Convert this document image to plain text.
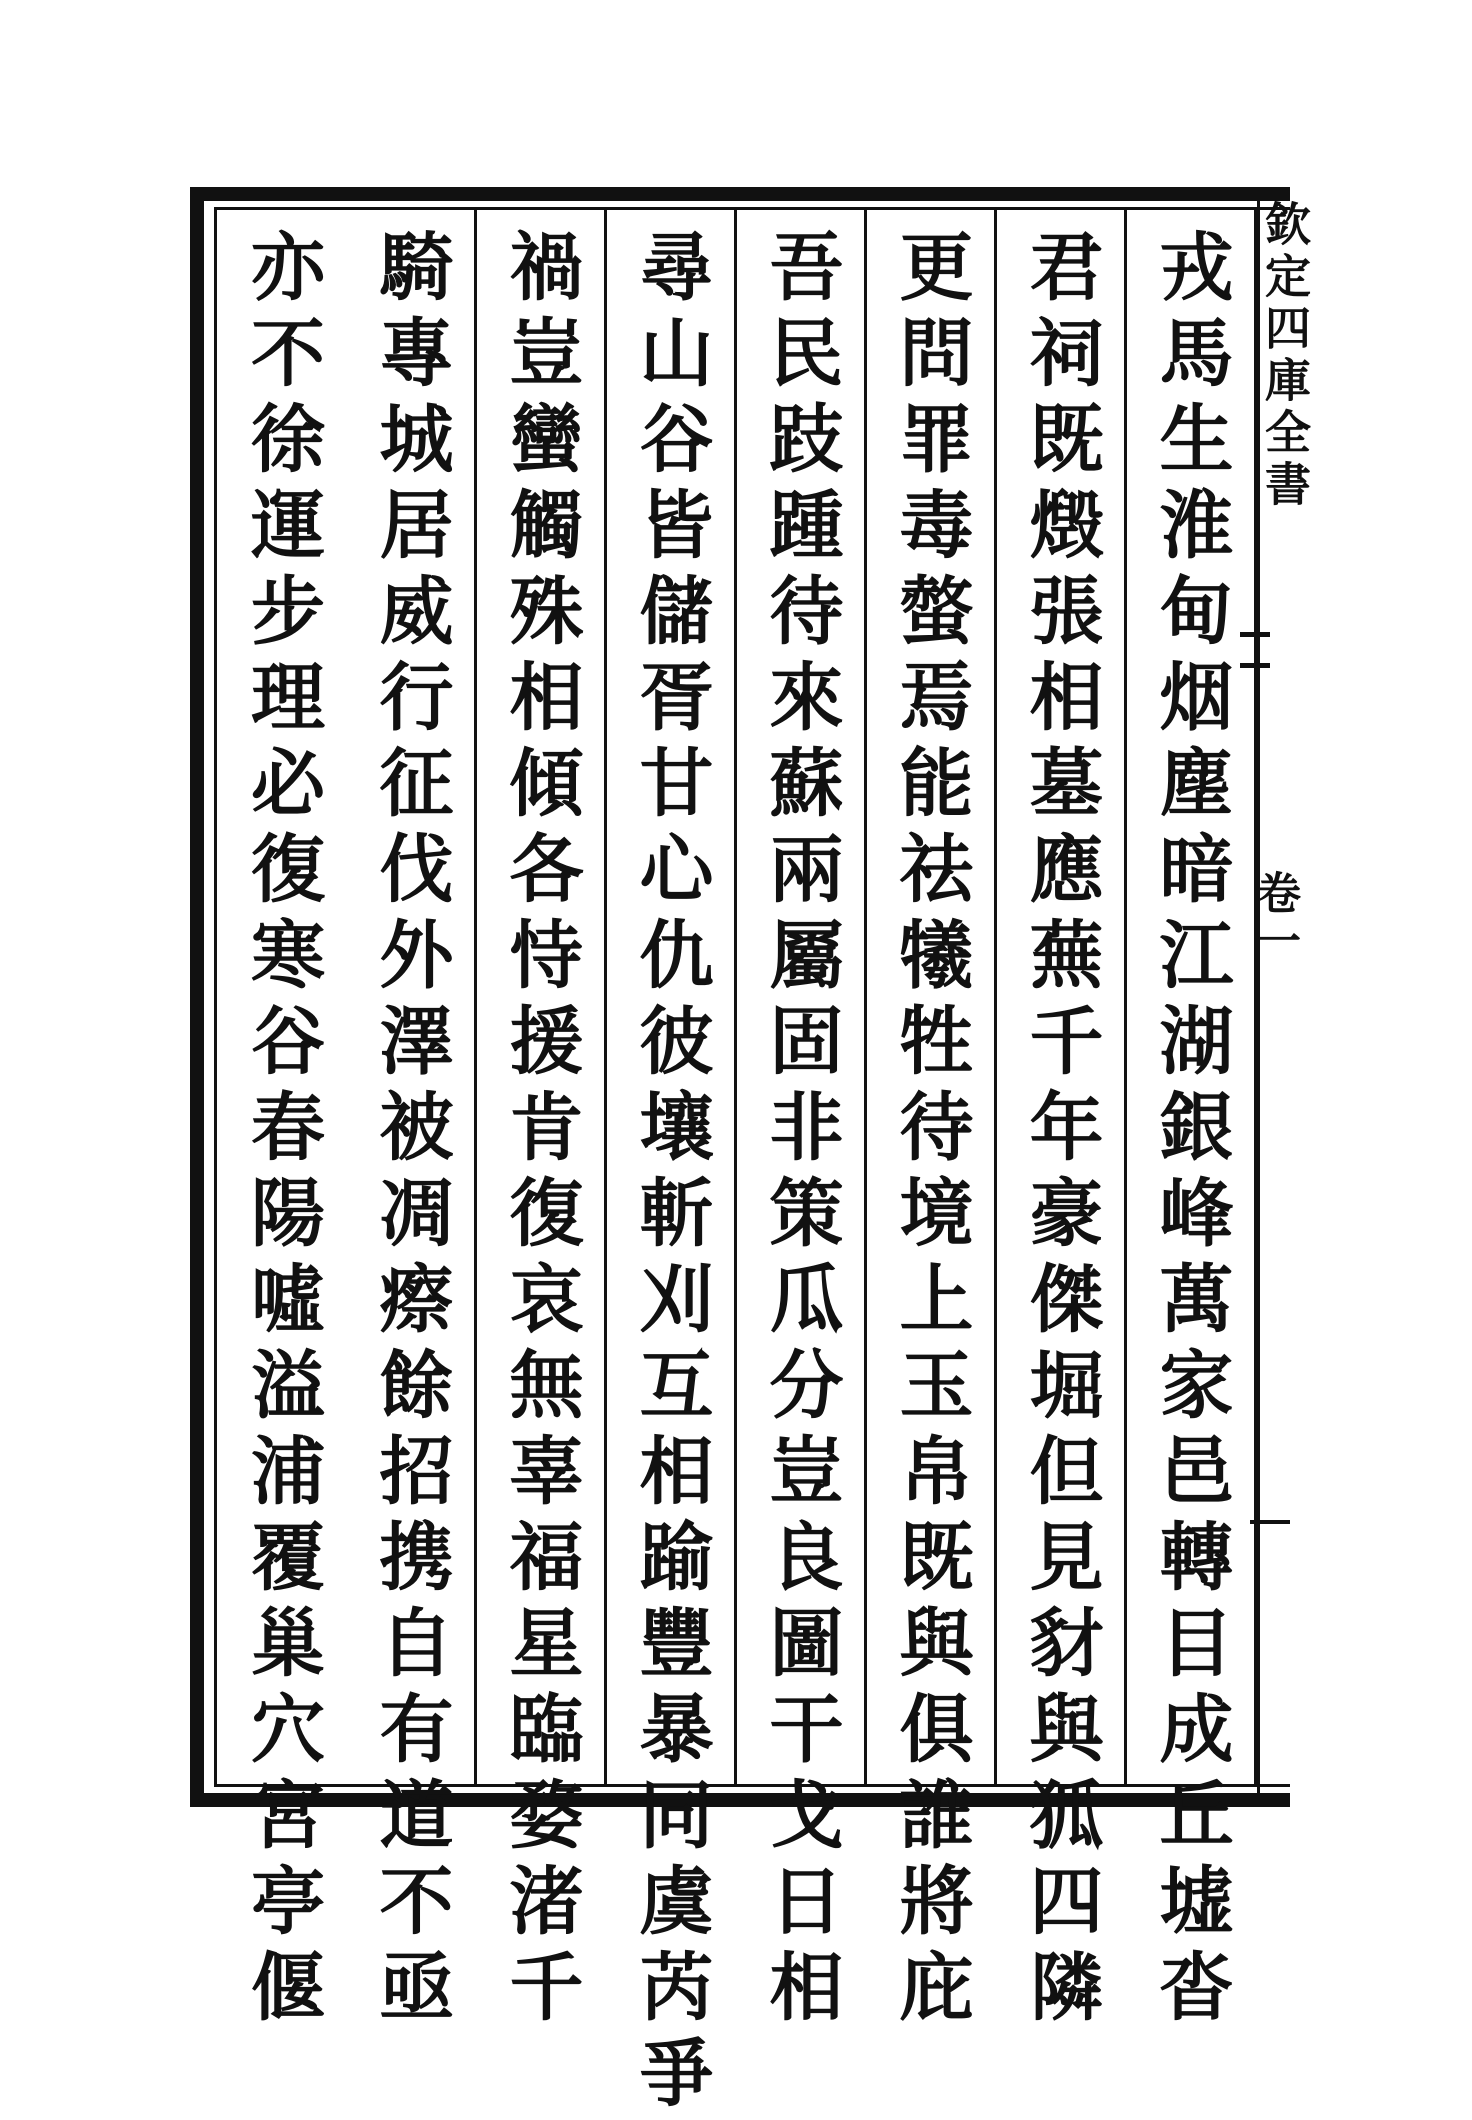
戎馬生淮甸烟塵暗江湖銀峰萬家邑轉目成丘墟沓
君祠既燬張相墓應蕪千年豪傑堀但見豺與狐四隣
更問罪毒螫焉能祛犧牲待境上玉帛既與俱誰將庇
吾民跂踵待來蘇兩屬固非策瓜分豈良圖干戈日相
尋山谷皆儲胥甘心仇彼壤斬刈互相踰豐暴同虞芮爭
禍豈蠻觸殊相傾各恃援肯復哀無辜福星臨婺渚千
騎專城居威行征伐外澤被凋瘵餘招携自有道不亟
亦不徐運步理必復寒谷春陽噓溢浦覆巢穴宮亭偃	欽定四庫全書
卷一
